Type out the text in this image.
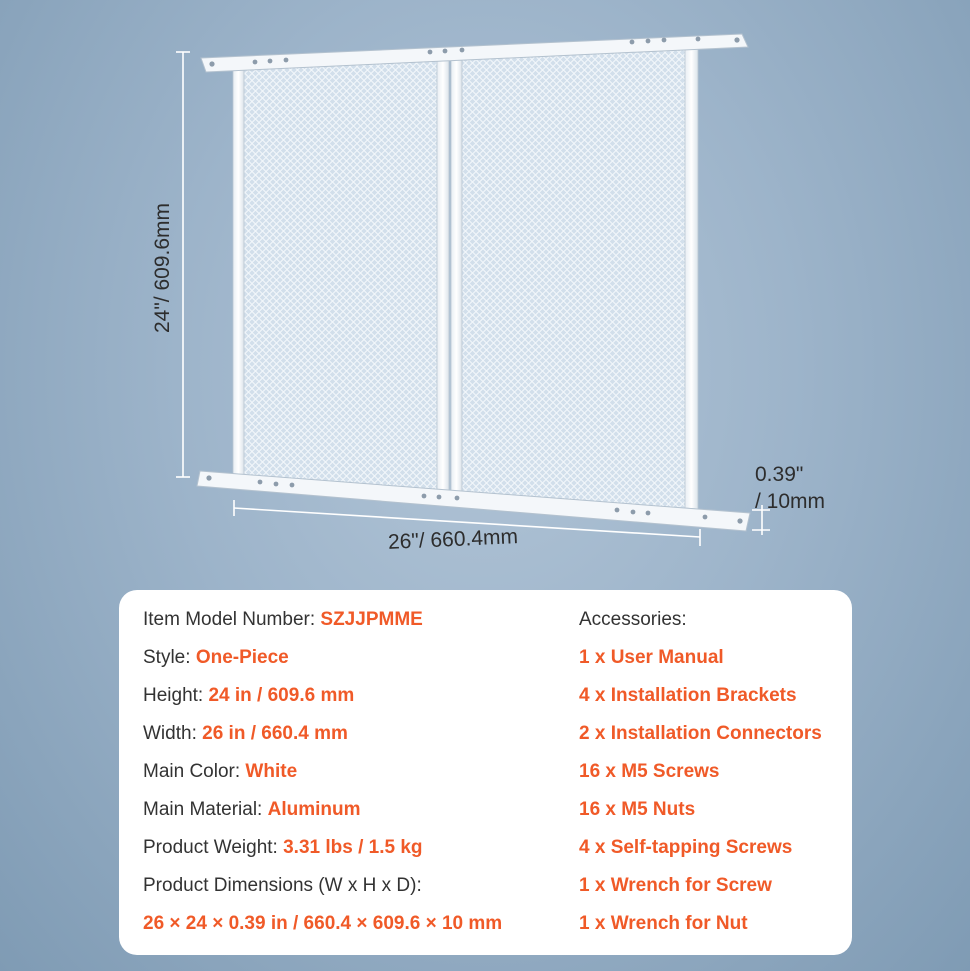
24"/ 609.6mm
26"/ 660.4mm
0.39"
/ 10mm
Item Model Number: SZJJPMME
Style: One-Piece
Height: 24 in / 609.6 mm
Width: 26 in / 660.4 mm
Main Color: White
Main Material: Aluminum
Product Weight: 3.31 lbs / 1.5 kg
Product Dimensions (W x H x D):
26 × 24 × 0.39 in / 660.4 × 609.6 × 10 mm
Accessories:
1 x User Manual
4 x Installation Brackets
2 x Installation Connectors
16 x M5 Screws
16 x M5 Nuts
4 x Self-tapping Screws
1 x Wrench for Screw
1 x Wrench for Nut
